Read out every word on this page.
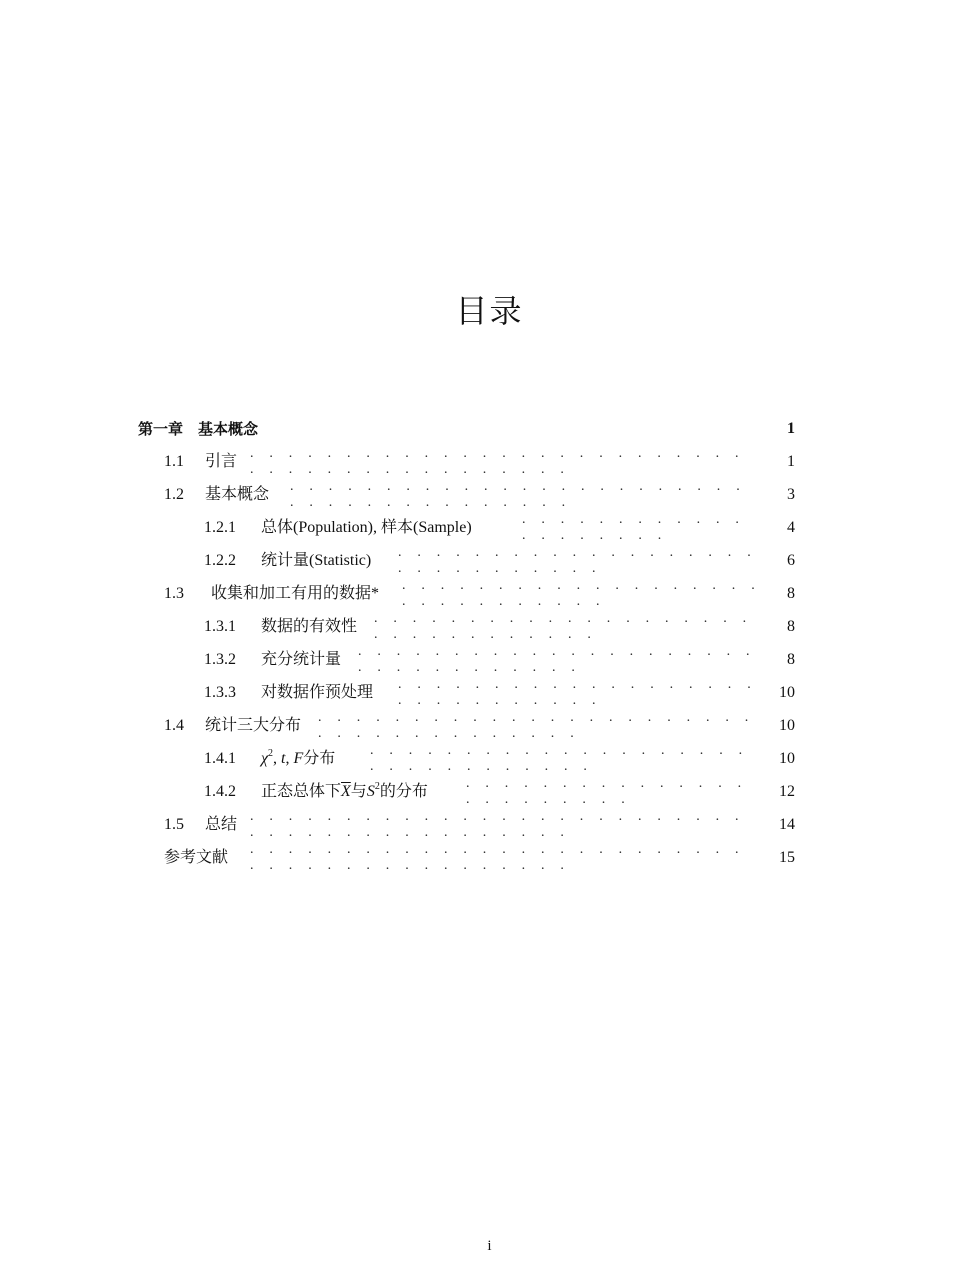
目录
第一章 基本概念	1
1.1	引言 . . . . . . . . . . . . . . . . . . . . . . . . . . . . . . . . . . . . . . . . . . .	1
1.2	基本概念 . . . . . . . . . . . . . . . . . . . . . . . . . . . . . . . . . . . . . . .	3
1.2.1	总体(Population), 样本(Sample)	. . . . . . . . . . . . . . . . . . . .	4
1.2.2	统计量(Statistic) . . . . . . . . . . . . . . . . . . . . . . . . . . . . . .	6
1.3	收集和加工有用的数据* . . . . . . . . . . . . . . . . . . . . . . . . . . . . . .	8
1.3.1	数据的有效性 . . . . . . . . . . . . . . . . . . . . . . . . . . . . . . . .	8
1.3.2	充分统计量 . . . . . . . . . . . . . . . . . . . . . . . . . . . . . . . . .	8
1.3.3	对数据作预处理 . . . . . . . . . . . . . . . . . . . . . . . . . . . . . .	10
1.4	统计三大分布 . . . . . . . . . . . . . . . . . . . . . . . . . . . . . . . . . . . . .	10
1.4.1	$\chi^2$, t, F分布 . . . . . . . . . . . . . . . . . . . . . . . . . . . . . . . .	10
1.4.2	正态总体下$\overline{X}$与$S^2$的分布	. . . . . . . . . . . . . . . . . . . . . . . .	12
1.5	总结 . . . . . . . . . . . . . . . . . . . . . . . . . . . . . . . . . . . . . . . . . . .	14
参考文献 . . . . . . . . . . . . . . . . . . . . . . . . . . . . . . . . . . . . . . . . . . .	15
i
